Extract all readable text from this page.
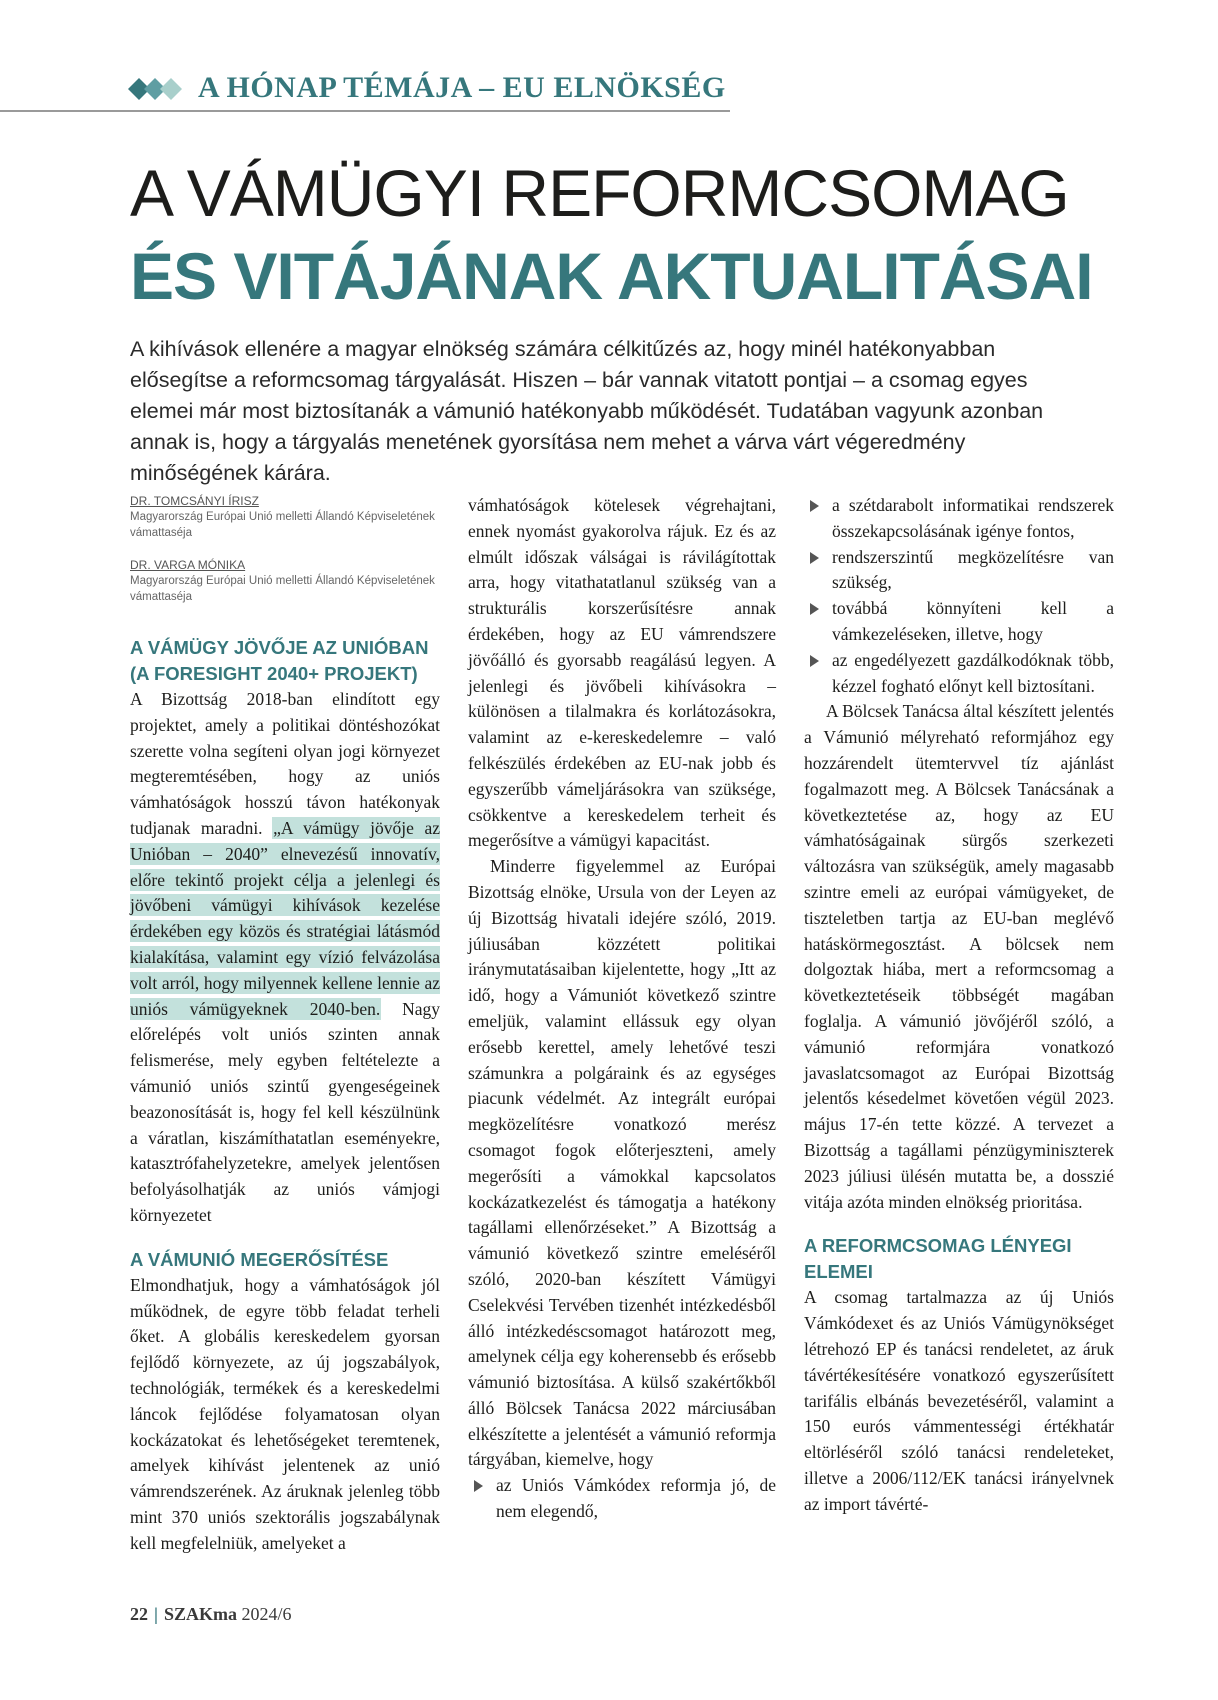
A HÓNAP TÉMÁJA – EU ELNÖKSÉG
A VÁMÜGYI REFORMCSOMAG
ÉS VITÁJÁNAK AKTUALITÁSAI
A kihívások ellenére a magyar elnökség számára célkitűzés az, hogy minél hatékonyabban elősegítse a reformcsomag tárgyalását. Hiszen – bár vannak vitatott pontjai – a csomag egyes elemei már most biztosítanák a vámunió hatékonyabb működését. Tudatában vagyunk azonban annak is, hogy a tárgyalás menetének gyorsítása nem mehet a várva várt végeredmény minőségének kárára.
DR. TOMCSÁNYI ÍRISZ
Magyarország Európai Unió melletti Állandó Képviseletének vámattaséja
DR. VARGA MÓNIKA
Magyarország Európai Unió melletti Állandó Képviseletének vámattaséja
A VÁMÜGY JÖVŐJE AZ UNIÓBAN (A FORESIGHT 2040+ PROJEKT)

A Bizottság 2018-ban elindított egy projektet, amely a politikai döntéshozókat szerette volna segíteni olyan jogi környezet megteremtésében, hogy az uniós vámhatóságok hosszú távon hatékonyak tudjanak maradni. „A vámügy jövője az Unióban – 2040” elnevezésű innovatív, előre tekintő projekt célja a jelenlegi és jövőbeni vámügyi kihívások kezelése érdekében egy közös és stratégiai látásmód kialakítása, valamint egy vízió felvázolása volt arról, hogy milyennek kellene lennie az uniós vámügyeknek 2040-ben. Nagy előrelépés volt uniós szinten annak felismerése, mely egyben feltételezte a vámunió uniós szintű gyengeségeinek beazonosítását is, hogy fel kell készülnünk a váratlan, kiszámíthatatlan eseményekre, katasztrófahelyzetekre, amelyek jelentősen befolyásolhatják az uniós vámjogi környezetet

A VÁMUNIÓ MEGERŐSÍTÉSE

Elmondhatjuk, hogy a vámhatóságok jól működnek, de egyre több feladat terheli őket. A globális kereskedelem gyorsan fejlődő környezete, az új jogszabályok, technológiák, termékek és a kereskedelmi láncok fejlődése folyamatosan olyan kockázatokat és lehetőségeket teremtenek, amelyek kihívást jelentenek az unió vámrendszerének. Az áruknak jelenleg több mint 370 uniós szektorális jogszabálynak kell megfelelniük, amelyeket a

vámhatóságok kötelesek végrehajtani, ennek nyomást gyakorolva rájuk. Ez és az elmúlt időszak válságai is rávilágítottak arra, hogy vitathatatlanul szükség van a strukturális korszerűsítésre annak érdekében, hogy az EU vámrendszere jövőálló és gyorsabb reagálású legyen. A jelenlegi és jövőbeli kihívásokra – különösen a tilalmakra és korlátozásokra, valamint az e-kereskedelemre – való felkészülés érdekében az EU-nak jobb és egyszerűbb vámeljárásokra van szüksége, csökkentve a kereskedelem terheit és megerősítve a vámügyi kapacitást.

Minderre figyelemmel az Európai Bizottság elnöke, Ursula von der Leyen az új Bizottság hivatali idejére szóló, 2019. júliusában közzétett politikai iránymutatásaiban kijelentette, hogy „Itt az idő, hogy a Vámuniót következő szintre emeljük, valamint ellássuk egy olyan erősebb kerettel, amely lehetővé teszi számunkra a polgáraink és az egységes piacunk védelmét. Az integrált európai megközelítésre vonatkozó merész csomagot fogok előterjeszteni, amely megerősíti a vámokkal kapcsolatos kockázatkezelést és támogatja a hatékony tagállami ellenőrzéseket.” A Bizottság a vámunió következő szintre emeléséről szóló, 2020-ban készített Vámügyi Cselekvési Tervében tizenhét intézkedésből álló intézkedéscsomagot határozott meg, amelynek célja egy koherensebb és erősebb vámunió biztosítása. A külső szakértőkből álló Bölcsek Tanácsa 2022 márciusában elkészítette a jelentését a vámunió reformja tárgyában, kiemelve, hogy

az Uniós Vámkódex reformja jó, de nem elegendő,
a szétdarabolt informatikai rendszerek összekapcsolásának igénye fontos,
rendszerszintű megközelítésre van szükség,
továbbá könnyíteni kell a vámkezeléseken, illetve, hogy
az engedélyezett gazdálkodóknak több, kézzel fogható előnyt kell biztosítani.

A Bölcsek Tanácsa által készített jelentés a Vámunió mélyreható reformjához egy hozzárendelt ütemtervvel tíz ajánlást fogalmazott meg. A Bölcsek Tanácsának a következtetése az, hogy az EU vámhatóságainak sürgős szerkezeti változásra van szükségük, amely magasabb szintre emeli az európai vámügyeket, de tiszteletben tartja az EU-ban meglévő hatáskörmegosztást. A bölcsek nem dolgoztak hiába, mert a reformcsomag a következtetéseik többségét magában foglalja. A vámunió jövőjéről szóló, a vámunió reformjára vonatkozó javaslatcsomagot az Európai Bizottság jelentős késedelmet követően végül 2023. május 17-én tette közzé. A tervezet a Bizottság a tagállami pénzügyminiszterek 2023 júliusi ülésén mutatta be, a dosszié vitája azóta minden elnökség prioritása.

A REFORMCSOMAG LÉNYEGI ELEMEI

A csomag tartalmazza az új Uniós Vámkódexet és az Uniós Vámügynökséget létrehozó EP és tanácsi rendeletet, az áruk távértékesítésére vonatkozó egyszerűsített tarifális elbánás bevezetéséről, valamint a 150 eurós vámmentességi értékhatár eltörléséről szóló tanácsi rendeleteket, illetve a 2006/112/EK tanácsi irányelvnek az import távérté-

22 | SZAKma 2024/6
